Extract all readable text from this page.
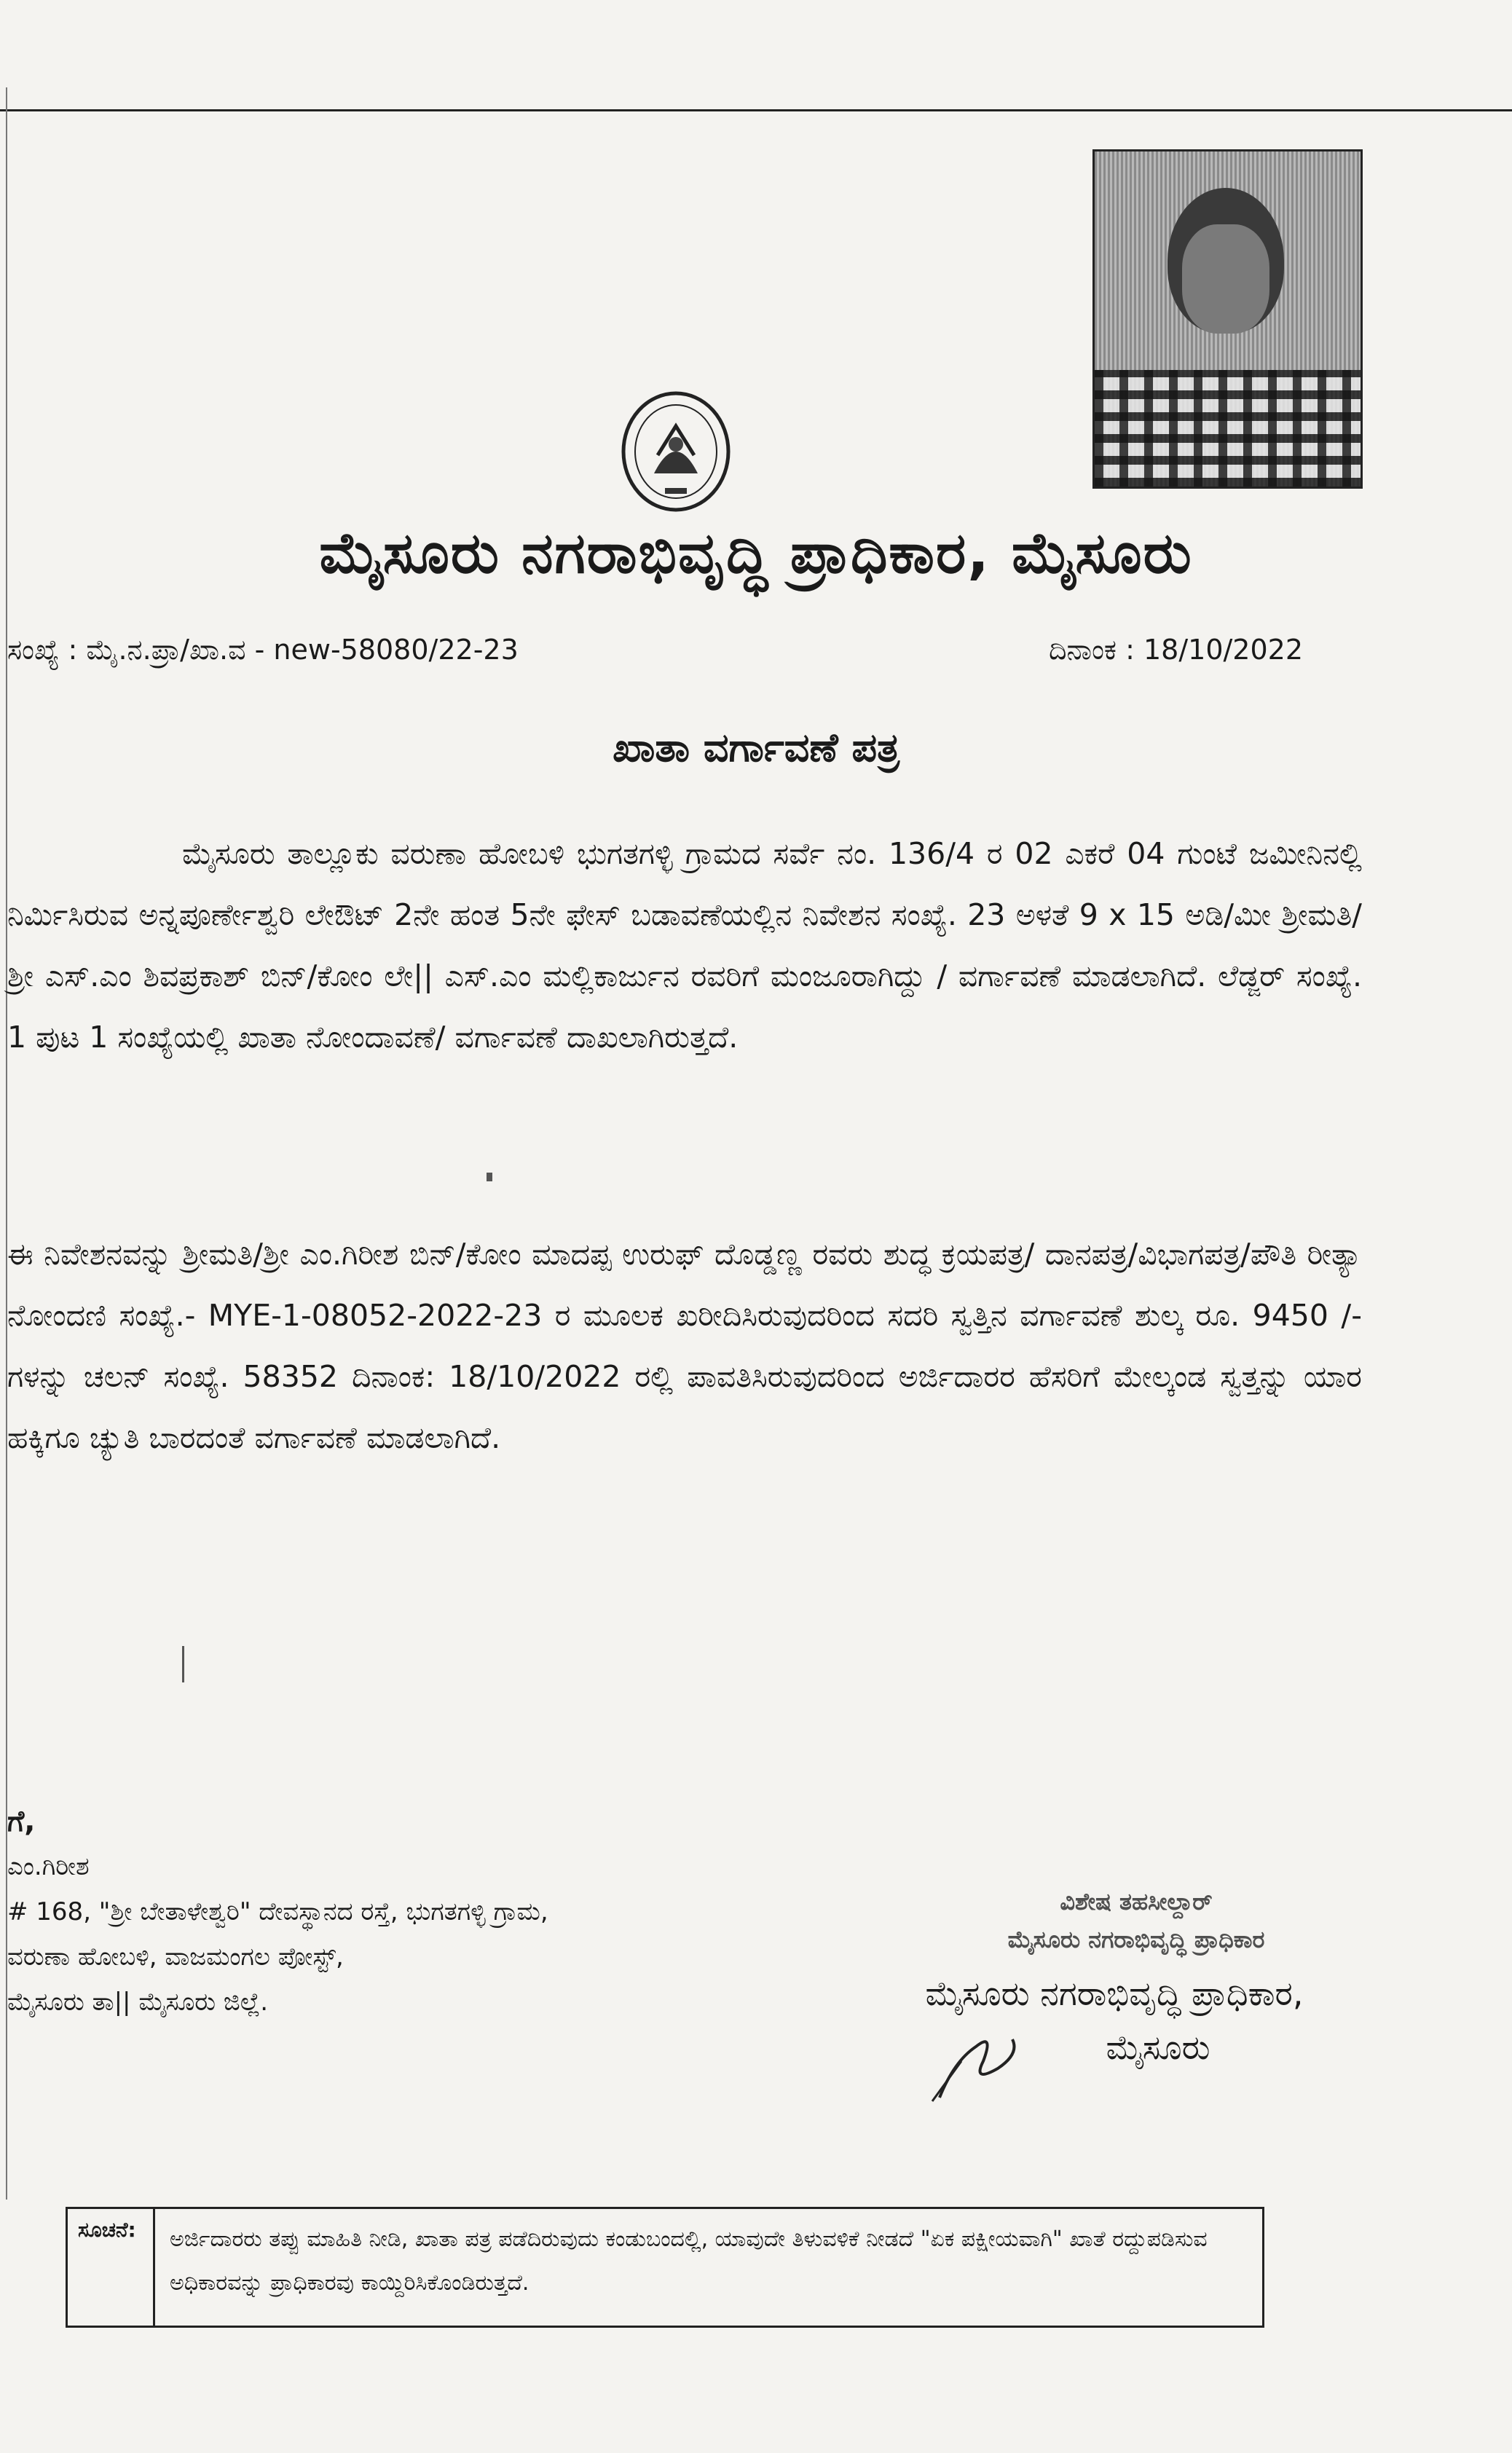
ಮೈಸೂರು ನಗರಾಭಿವೃದ್ಧಿ ಪ್ರಾಧಿಕಾರ, ಮೈಸೂರು
ಸಂಖ್ಯೆ : ಮೈ.ನ.ಪ್ರಾ/ಖಾ.ವ - new-58080/22-23	ದಿನಾಂಕ : 18/10/2022
ಖಾತಾ ವರ್ಗಾವಣೆ ಪತ್ರ
ಮೈಸೂರು ತಾಲ್ಲೂಕು ವರುಣಾ ಹೋಬಳಿ ಭುಗತಗಳ್ಳಿ ಗ್ರಾಮದ ಸರ್ವೆ ನಂ. 136/4 ರ 02 ಎಕರೆ 04 ಗುಂಟೆ ಜಮೀನಿನಲ್ಲಿ ನಿರ್ಮಿಸಿರುವ ಅನ್ನಪೂರ್ಣೇಶ್ವರಿ ಲೇಔಟ್ 2ನೇ ಹಂತ 5ನೇ ಫೇಸ್ ಬಡಾವಣೆಯಲ್ಲಿನ ನಿವೇಶನ ಸಂಖ್ಯೆ. 23 ಅಳತೆ 9 x 15 ಅಡಿ/ಮೀ ಶ್ರೀಮತಿ/ಶ್ರೀ ಎಸ್.ಎಂ ಶಿವಪ್ರಕಾಶ್ ಬಿನ್/ಕೋಂ ಲೇ|| ಎಸ್.ಎಂ ಮಲ್ಲಿಕಾರ್ಜುನ ರವರಿಗೆ ಮಂಜೂರಾಗಿದ್ದು / ವರ್ಗಾವಣೆ ಮಾಡಲಾಗಿದೆ. ಲೆಡ್ಜರ್ ಸಂಖ್ಯೆ. 1 ಪುಟ 1 ಸಂಖ್ಯೆಯಲ್ಲಿ ಖಾತಾ ನೋಂದಾವಣೆ/ ವರ್ಗಾವಣೆ ದಾಖಲಾಗಿರುತ್ತದೆ.
ಈ ನಿವೇಶನವನ್ನು ಶ್ರೀಮತಿ/ಶ್ರೀ ಎಂ.ಗಿರೀಶ ಬಿನ್/ಕೋಂ ಮಾದಪ್ಪ ಉರುಫ್ ದೊಡ್ಡಣ್ಣ ರವರು ಶುದ್ಧ ಕ್ರಯಪತ್ರ/ ದಾನಪತ್ರ/ವಿಭಾಗಪತ್ರ/ಪೌತಿ ರೀತ್ಯಾ ನೋಂದಣಿ ಸಂಖ್ಯೆ.- MYE-1-08052-2022-23 ರ ಮೂಲಕ ಖರೀದಿಸಿರುವುದರಿಂದ ಸದರಿ ಸ್ವತ್ತಿನ ವರ್ಗಾವಣೆ ಶುಲ್ಕ ರೂ. 9450 /- ಗಳನ್ನು ಚಲನ್ ಸಂಖ್ಯೆ. 58352 ದಿನಾಂಕ: 18/10/2022 ರಲ್ಲಿ ಪಾವತಿಸಿರುವುದರಿಂದ ಅರ್ಜಿದಾರರ ಹೆಸರಿಗೆ ಮೇಲ್ಕಂಡ ಸ್ವತ್ತನ್ನು ಯಾರ ಹಕ್ಕಿಗೂ ಚ್ಯುತಿ ಬಾರದಂತೆ ವರ್ಗಾವಣೆ ಮಾಡಲಾಗಿದೆ.
ಗೆ,
ಎಂ.ಗಿರೀಶ
# 168, "ಶ್ರೀ ಬೇತಾಳೇಶ್ವರಿ" ದೇವಸ್ಥಾನದ ರಸ್ತೆ, ಭುಗತಗಳ್ಳಿ ಗ್ರಾಮ,
ವರುಣಾ ಹೋಬಳಿ, ವಾಜಮಂಗಲ ಪೋಸ್ಟ್,
ಮೈಸೂರು ತಾ|| ಮೈಸೂರು ಜಿಲ್ಲೆ.
ವಿಶೇಷ ತಹಸೀಲ್ದಾರ್
ಮೈಸೂರು ನಗರಾಭಿವೃದ್ಧಿ ಪ್ರಾಧಿಕಾರ
ಮೈಸೂರು ನಗರಾಭಿವೃದ್ಧಿ ಪ್ರಾಧಿಕಾರ,
ಮೈಸೂರು
ಸೂಚನೆ:	ಅರ್ಜಿದಾರರು ತಪ್ಪು ಮಾಹಿತಿ ನೀಡಿ, ಖಾತಾ ಪತ್ರ ಪಡೆದಿರುವುದು ಕಂಡುಬಂದಲ್ಲಿ, ಯಾವುದೇ ತಿಳುವಳಿಕೆ ನೀಡದೆ "ಏಕ ಪಕ್ಷೀಯವಾಗಿ" ಖಾತೆ ರದ್ದುಪಡಿಸುವ ಅಧಿಕಾರವನ್ನು ಪ್ರಾಧಿಕಾರವು ಕಾಯ್ದಿರಿಸಿಕೊಂಡಿರುತ್ತದೆ.
